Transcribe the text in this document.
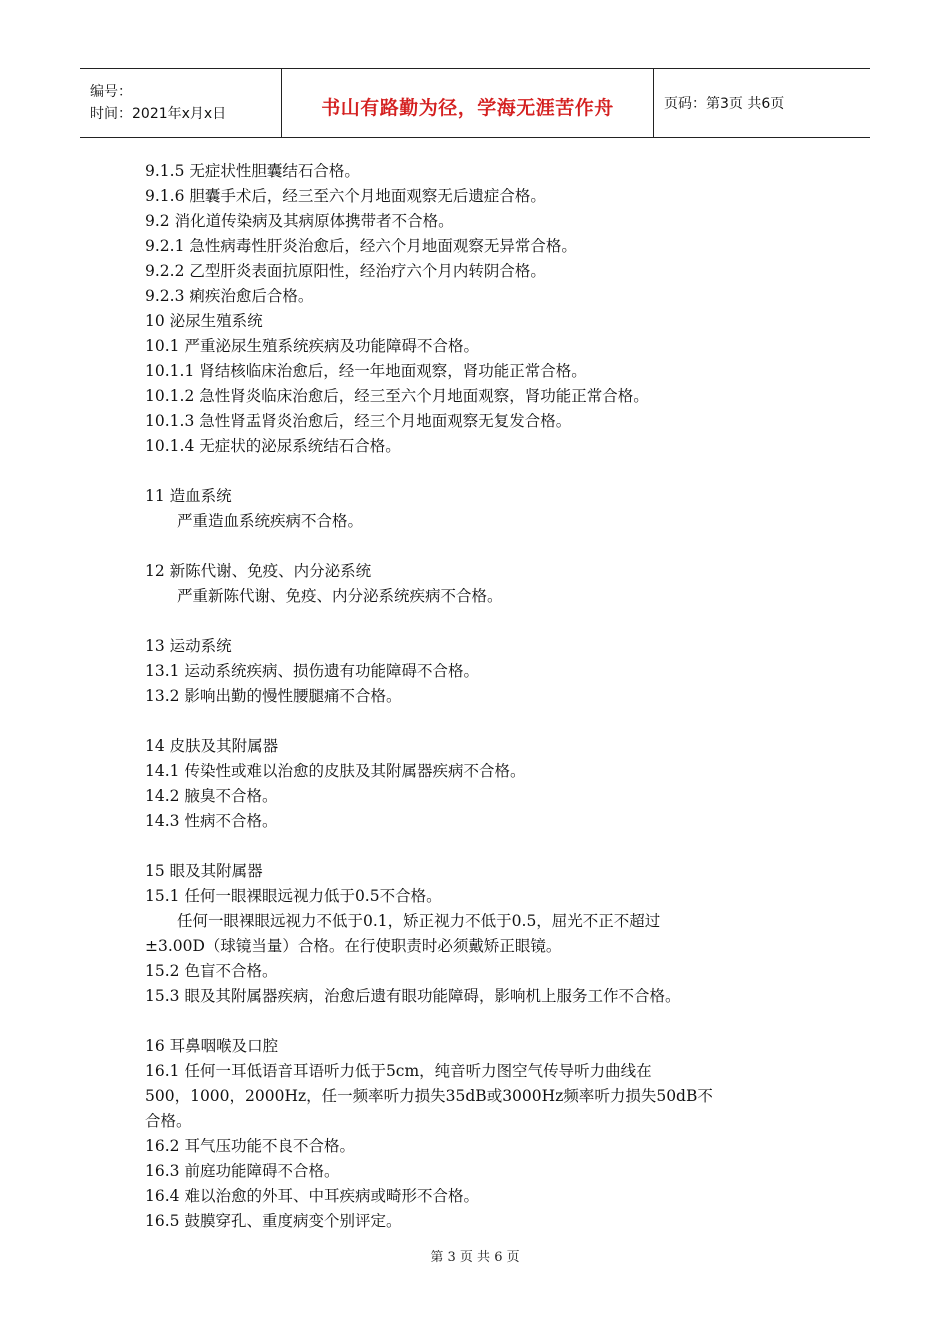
编号：
时间：2021年x月x日	书山有路勤为径，学海无涯苦作舟	页码：第3页 共6页
9.1.5 无症状性胆囊结石合格。
9.1.6 胆囊手术后，经三至六个月地面观察无后遗症合格。
9.2 消化道传染病及其病原体携带者不合格。
9.2.1 急性病毒性肝炎治愈后，经六个月地面观察无异常合格。
9.2.2 乙型肝炎表面抗原阳性，经治疗六个月内转阴合格。
9.2.3 痢疾治愈后合格。
10 泌尿生殖系统
10.1 严重泌尿生殖系统疾病及功能障碍不合格。
10.1.1 肾结核临床治愈后，经一年地面观察，肾功能正常合格。
10.1.2 急性肾炎临床治愈后，经三至六个月地面观察，肾功能正常合格。
10.1.3 急性肾盂肾炎治愈后，经三个月地面观察无复发合格。
10.1.4 无症状的泌尿系统结石合格。
11 造血系统
严重造血系统疾病不合格。
12 新陈代谢、免疫、内分泌系统
严重新陈代谢、免疫、内分泌系统疾病不合格。
13 运动系统
13.1 运动系统疾病、损伤遗有功能障碍不合格。
13.2 影响出勤的慢性腰腿痛不合格。
14 皮肤及其附属器
14.1 传染性或难以治愈的皮肤及其附属器疾病不合格。
14.2 腋臭不合格。
14.3 性病不合格。
15 眼及其附属器
15.1 任何一眼裸眼远视力低于0.5不合格。
任何一眼裸眼远视力不低于0.1，矫正视力不低于0.5，屈光不正不超过
±3.00D（球镜当量）合格。在行使职责时必须戴矫正眼镜。
15.2 色盲不合格。
15.3 眼及其附属器疾病，治愈后遗有眼功能障碍，影响机上服务工作不合格。
16 耳鼻咽喉及口腔
16.1 任何一耳低语音耳语听力低于5cm，纯音听力图空气传导听力曲线在
500，1000，2000Hz，任一频率听力损失35dB或3000Hz频率听力损失50dB不
合格。
16.2 耳气压功能不良不合格。
16.3 前庭功能障碍不合格。
16.4 难以治愈的外耳、中耳疾病或畸形不合格。
16.5 鼓膜穿孔、重度病变个别评定。
第 3 页 共 6 页
